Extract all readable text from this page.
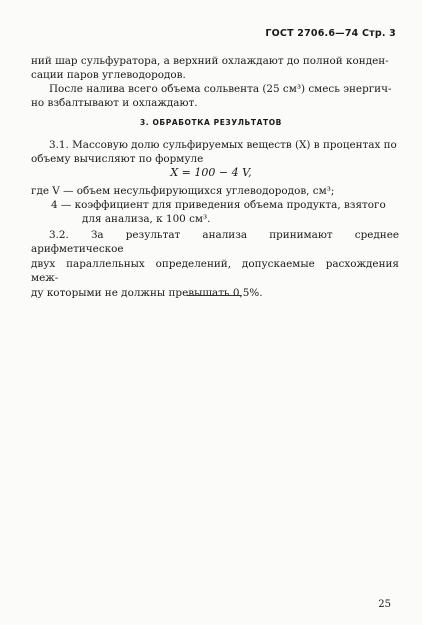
ГОСТ 2706.6—74 Стр. 3
ний шар сульфуратора, а верхний охлаждают до полной конден-
сации паров углеводородов.
После налива всего объема сольвента (25 см³) смесь энергич-
но взбалтывают и охлаждают.
3. ОБРАБОТКА РЕЗУЛЬТАТОВ
3.1. Массовую долю сульфируемых веществ (X) в процентах по
объему вычисляют по формуле
X = 100 − 4 V,
где V — объем несульфирующихся углеводородов, см³;
4 — коэффициент для приведения объема продукта, взятого
для анализа, к 100 см³.
3.2. За результат анализа принимают среднее арифметическое
двух параллельных определений, допускаемые расхождения меж-
ду которыми не должны превышать 0,5%.
25
